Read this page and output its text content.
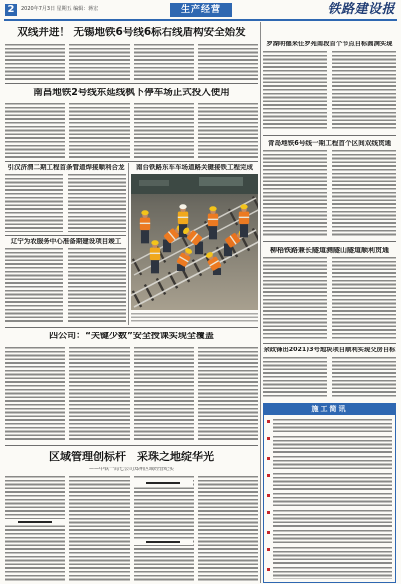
2	2020年7月3日 星期五 编辑：蒋宏	生产经营	铁路建设报
双线并进！ 无锡地铁6号线6标右线盾构安全始发
南昌地铁2号线东延线枫下停车场正式投入使用
引汉济渭二期工程首条管道焊接顺利合龙
辽宁为农服务中心准备期建设项目竣工
南台铁路东车车场道路关键接铁工程完成
四公司：“关键少数”安全授课实现全覆盖
区域管理创标杆　采珠之地绽华光
——中铁一局七公司郑州区域经营纪实
罗湖明德来任罗苑南段首个节点目标圆满实现
青岛地铁6号线一期工程首个区间双线贯通
柳梧铁路兼长隧道测隧山隧道顺利贯通
余政锋出2021)3号地块项目顺利实现交房目标
施工简讯
